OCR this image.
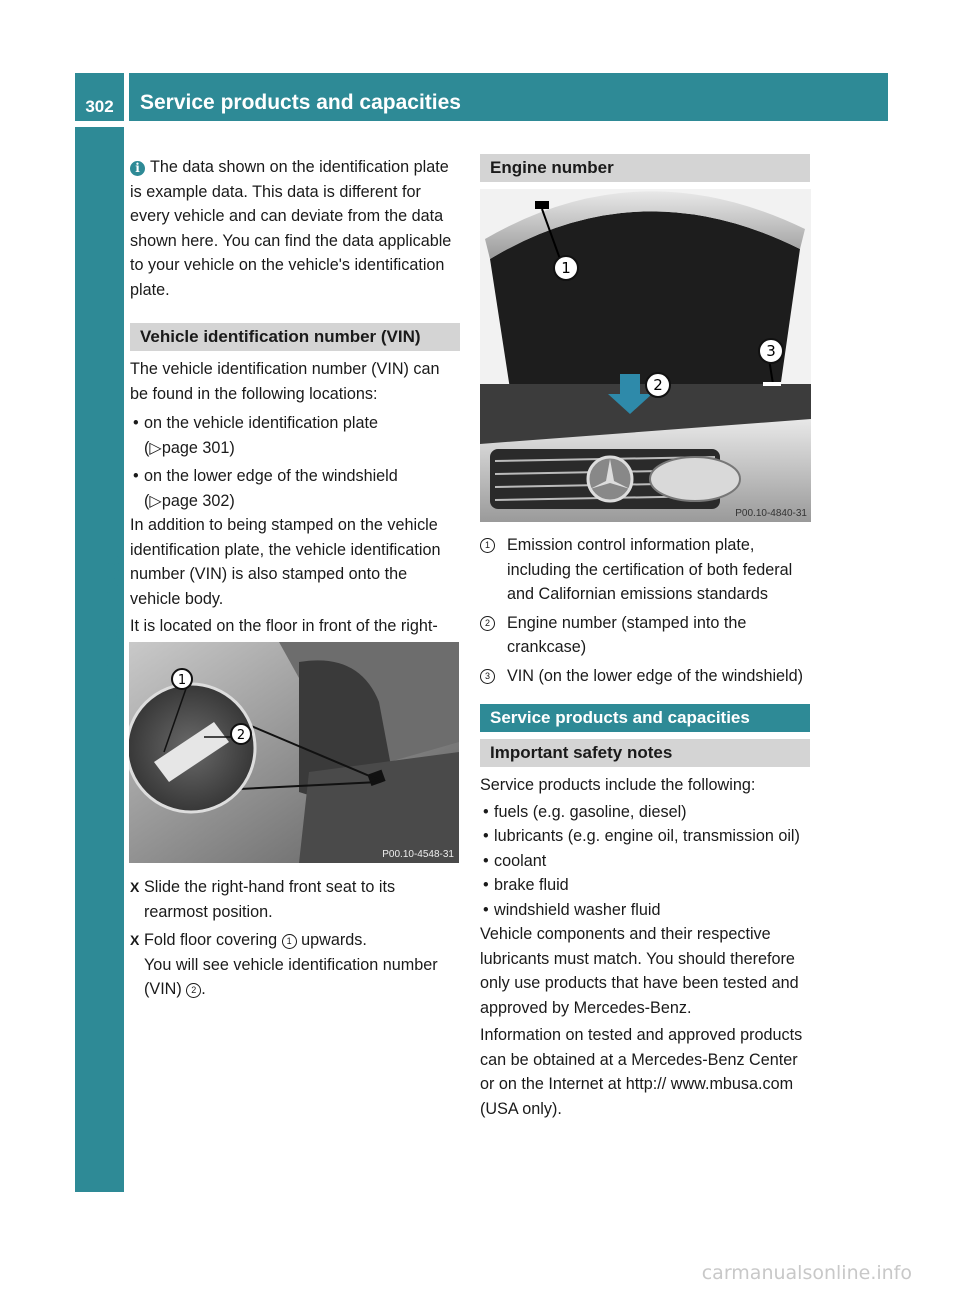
302	Service products and capacities
Technical data

i The data shown on the identification plate is example data. This data is different for every vehicle and can deviate from the data shown here. You can find the data applicable to your vehicle on the vehicle's identification plate.

Vehicle identification number (VIN)

The vehicle identification number (VIN) can be found in the following locations:

• on the vehicle identification plate
(▷ page 301 )
• on the lower edge of the windshield
(▷ page 302 )

In addition to being stamped on the vehicle identification plate, the vehicle identification number (VIN) is also stamped onto the vehicle body.

It is located on the floor in front of the right-

1
2
P00.10-4548-31
X Slide the right-hand front seat to its rearmost position.
X Fold floor covering 1 upwards.
You will see vehicle identification number (VIN) 2 .
Engine number
1
2
3
P00.10-4840-31
1	Emission control information plate, including the certification of both federal and Californian emissions standards
2	Engine number (stamped into the crankcase)
3	VIN (on the lower edge of the windshield)
Service products and capacities
Important safety notes

Service products include the following:

• fuels (e.g. gasoline, diesel)
• lubricants (e.g. engine oil, transmission oil)
• coolant
• brake fluid
• windshield washer fluid

Vehicle components and their respective lubricants must match. You should therefore only use products that have been tested and approved by Mercedes-Benz.

Information on tested and approved products can be obtained at a Mercedes-Benz Center or on the Internet at http:// www.mbusa.com (USA only).

carmanualsonline.info
